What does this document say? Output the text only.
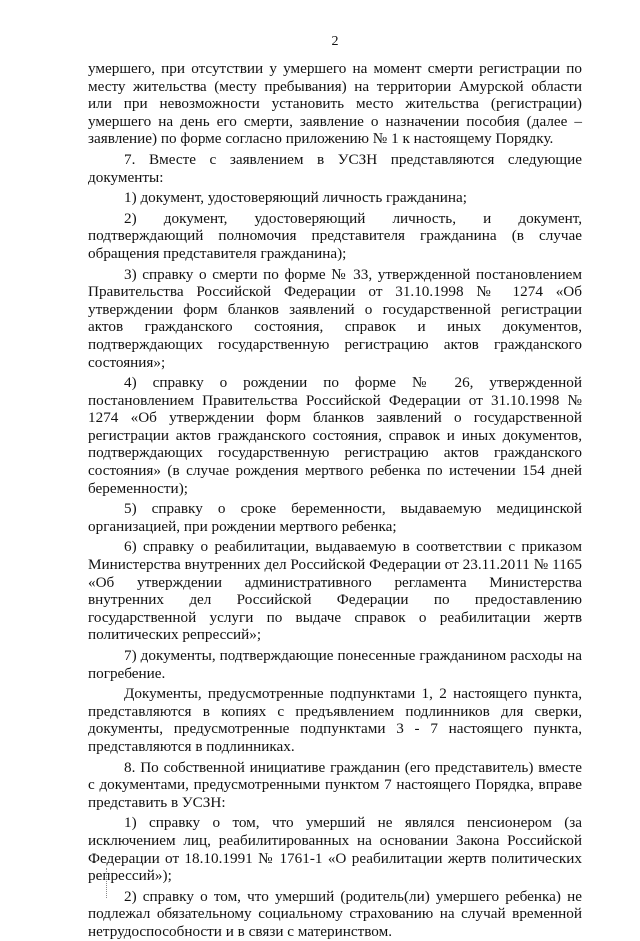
2

умершего, при отсутствии у умершего на момент смерти регистрации по месту жительства (месту пребывания) на территории Амурской области или при невозможности установить место жительства (регистрации) умершего на день его смерти, заявление о назначении пособия (далее – заявление) по форме согласно приложению № 1 к настоящему Порядку.

7. Вместе с заявлением в УСЗН представляются следующие документы:

1) документ, удостоверяющий личность гражданина;

2) документ, удостоверяющий личность, и документ, подтверждающий полномочия представителя гражданина (в случае обращения представителя гражданина);

3) справку о смерти по форме № 33, утвержденной постановлением Правительства Российской Федерации от 31.10.1998 № 1274 «Об утверждении форм бланков заявлений о государственной регистрации актов гражданского состояния, справок и иных документов, подтверждающих государственную регистрацию актов гражданского состояния»;

4) справку о рождении по форме № 26, утвержденной постановлением Правительства Российской Федерации от 31.10.1998 № 1274 «Об утверждении форм бланков заявлений о государственной регистрации актов гражданского состояния, справок и иных документов, подтверждающих государственную регистрацию актов гражданского состояния» (в случае рождения мертвого ребенка по истечении 154 дней беременности);

5) справку о сроке беременности, выдаваемую медицинской организацией, при рождении мертвого ребенка;

6) справку о реабилитации, выдаваемую в соответствии с приказом Министерства внутренних дел Российской Федерации от 23.11.2011 № 1165 «Об утверждении административного регламента Министерства внутренних дел Российской Федерации по предоставлению государственной услуги по выдаче справок о реабилитации жертв политических репрессий»;

7) документы, подтверждающие понесенные гражданином расходы на погребение.

Документы, предусмотренные подпунктами 1, 2 настоящего пункта, представляются в копиях с предъявлением подлинников для сверки, документы, предусмотренные подпунктами 3 - 7 настоящего пункта, представляются в подлинниках.

8. По собственной инициативе гражданин (его представитель) вместе с документами, предусмотренными пунктом 7 настоящего Порядка, вправе представить в УСЗН:

1) справку о том, что умерший не являлся пенсионером (за исключением лиц, реабилитированных на основании Закона Российской Федерации от 18.10.1991 № 1761-1 «О реабилитации жертв политических репрессий»);

2) справку о том, что умерший (родитель(ли) умершего ребенка) не подлежал обязательному социальному страхованию на случай временной нетрудоспособности и в связи с материнством.
